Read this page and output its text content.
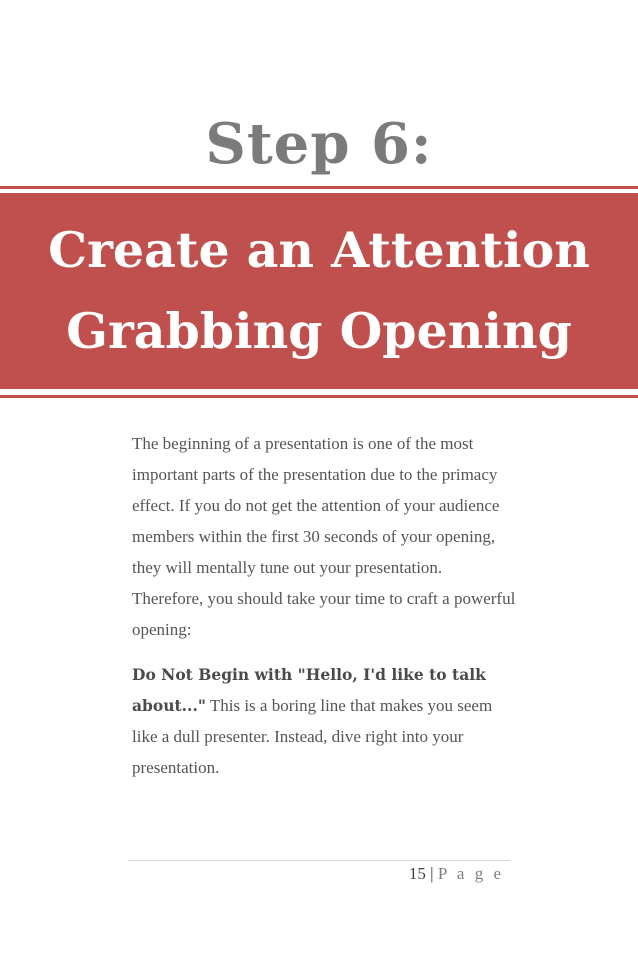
Step 6:
Create an Attention
Grabbing Opening

The beginning of a presentation is one of the most important parts of the presentation due to the primacy effect. If you do not get the attention of your audience members within the first 30 seconds of your opening, they will mentally tune out your presentation. Therefore, you should take your time to craft a powerful opening:

Do Not Begin with "Hello, I'd like to talk about..." This is a boring line that makes you seem like a dull presenter. Instead, dive right into your presentation.

15 | P a g e
